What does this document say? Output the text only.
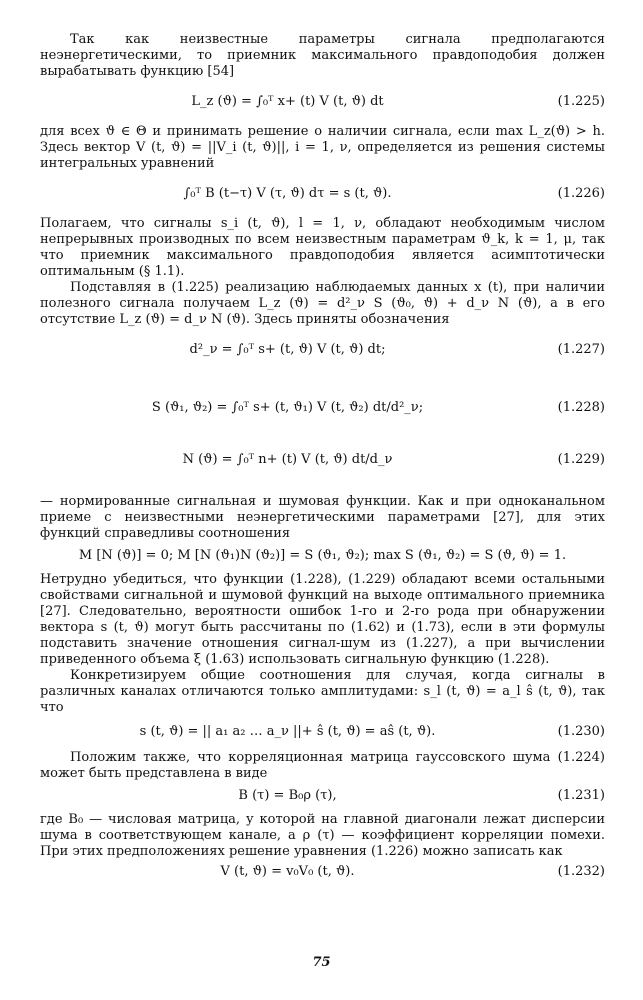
Так как неизвестные параметры сигнала предполагаются неэнергетическими, то приемник максимального правдоподобия должен вырабатывать функцию [54]

L_z (ϑ) = ∫₀ᵀ x+ (t) V (t, ϑ) dt	(1.225)

для всех ϑ ∈ Θ и принимать решение о наличии сигнала, если max L_z(ϑ) > h. Здесь вектор V (t, ϑ) = ||V_i (t, ϑ)||, i = 1, ν, определяется из решения системы интегральных уравнений

∫₀ᵀ B (t−τ) V (τ, ϑ) dτ = s (t, ϑ).	(1.226)

Полагаем, что сигналы s_i (t, ϑ), l = 1, ν, обладают необходимым числом непрерывных производных по всем неизвестным параметрам ϑ_k, k = 1, μ, так что приемник максимального правдоподобия является асимптотически оптимальным (§ 1.1).

Подставляя в (1.225) реализацию наблюдаемых данных x (t), при наличии полезного сигнала получаем L_z (ϑ) = d²_ν S (ϑ₀, ϑ) + d_ν N (ϑ), а в его отсутствие L_z (ϑ) = d_ν N (ϑ). Здесь приняты обозначения

d²_ν = ∫₀ᵀ s+ (t, ϑ) V (t, ϑ) dt;	(1.227)
S (ϑ₁, ϑ₂) = ∫₀ᵀ s+ (t, ϑ₁) V (t, ϑ₂) dt/d²_ν;	(1.228)
N (ϑ) = ∫₀ᵀ n+ (t) V (t, ϑ) dt/d_ν	(1.229)

— нормированные сигнальная и шумовая функции. Как и при одноканальном приеме с неизвестными неэнергетическими параметрами [27], для этих функций справедливы соотношения

M [N (ϑ)] = 0; M [N (ϑ₁)N (ϑ₂)] = S (ϑ₁, ϑ₂); max S (ϑ₁, ϑ₂) = S (ϑ, ϑ) = 1.

Нетрудно убедиться, что функции (1.228), (1.229) обладают всеми остальными свойствами сигнальной и шумовой функций на выходе оптимального приемника [27]. Следовательно, вероятности ошибок 1-го и 2-го рода при обнаружении вектора s (t, ϑ) могут быть рассчитаны по (1.62) и (1.73), если в эти формулы подставить значение отношения сигнал-шум из (1.227), а при вычислении приведенного объема ξ (1.63) использовать сигнальную функцию (1.228).

Конкретизируем общие соотношения для случая, когда сигналы в различных каналах отличаются только амплитудами: s_l (t, ϑ) = a_l ŝ (t, ϑ), так что

s (t, ϑ) = || a₁ a₂ … a_ν ||+ ŝ (t, ϑ) = aŝ (t, ϑ).	(1.230)

Положим также, что корреляционная матрица гауссовского шума (1.224) может быть представлена в виде

B (τ) = B₀ρ (τ),	(1.231)

где B₀ — числовая матрица, у которой на главной диагонали лежат дисперсии шума в соответствующем канале, а ρ (τ) — коэффициент корреляции помехи. При этих предположениях решение уравнения (1.226) можно записать как

V (t, ϑ) = v₀V₀ (t, ϑ).	(1.232)
75
